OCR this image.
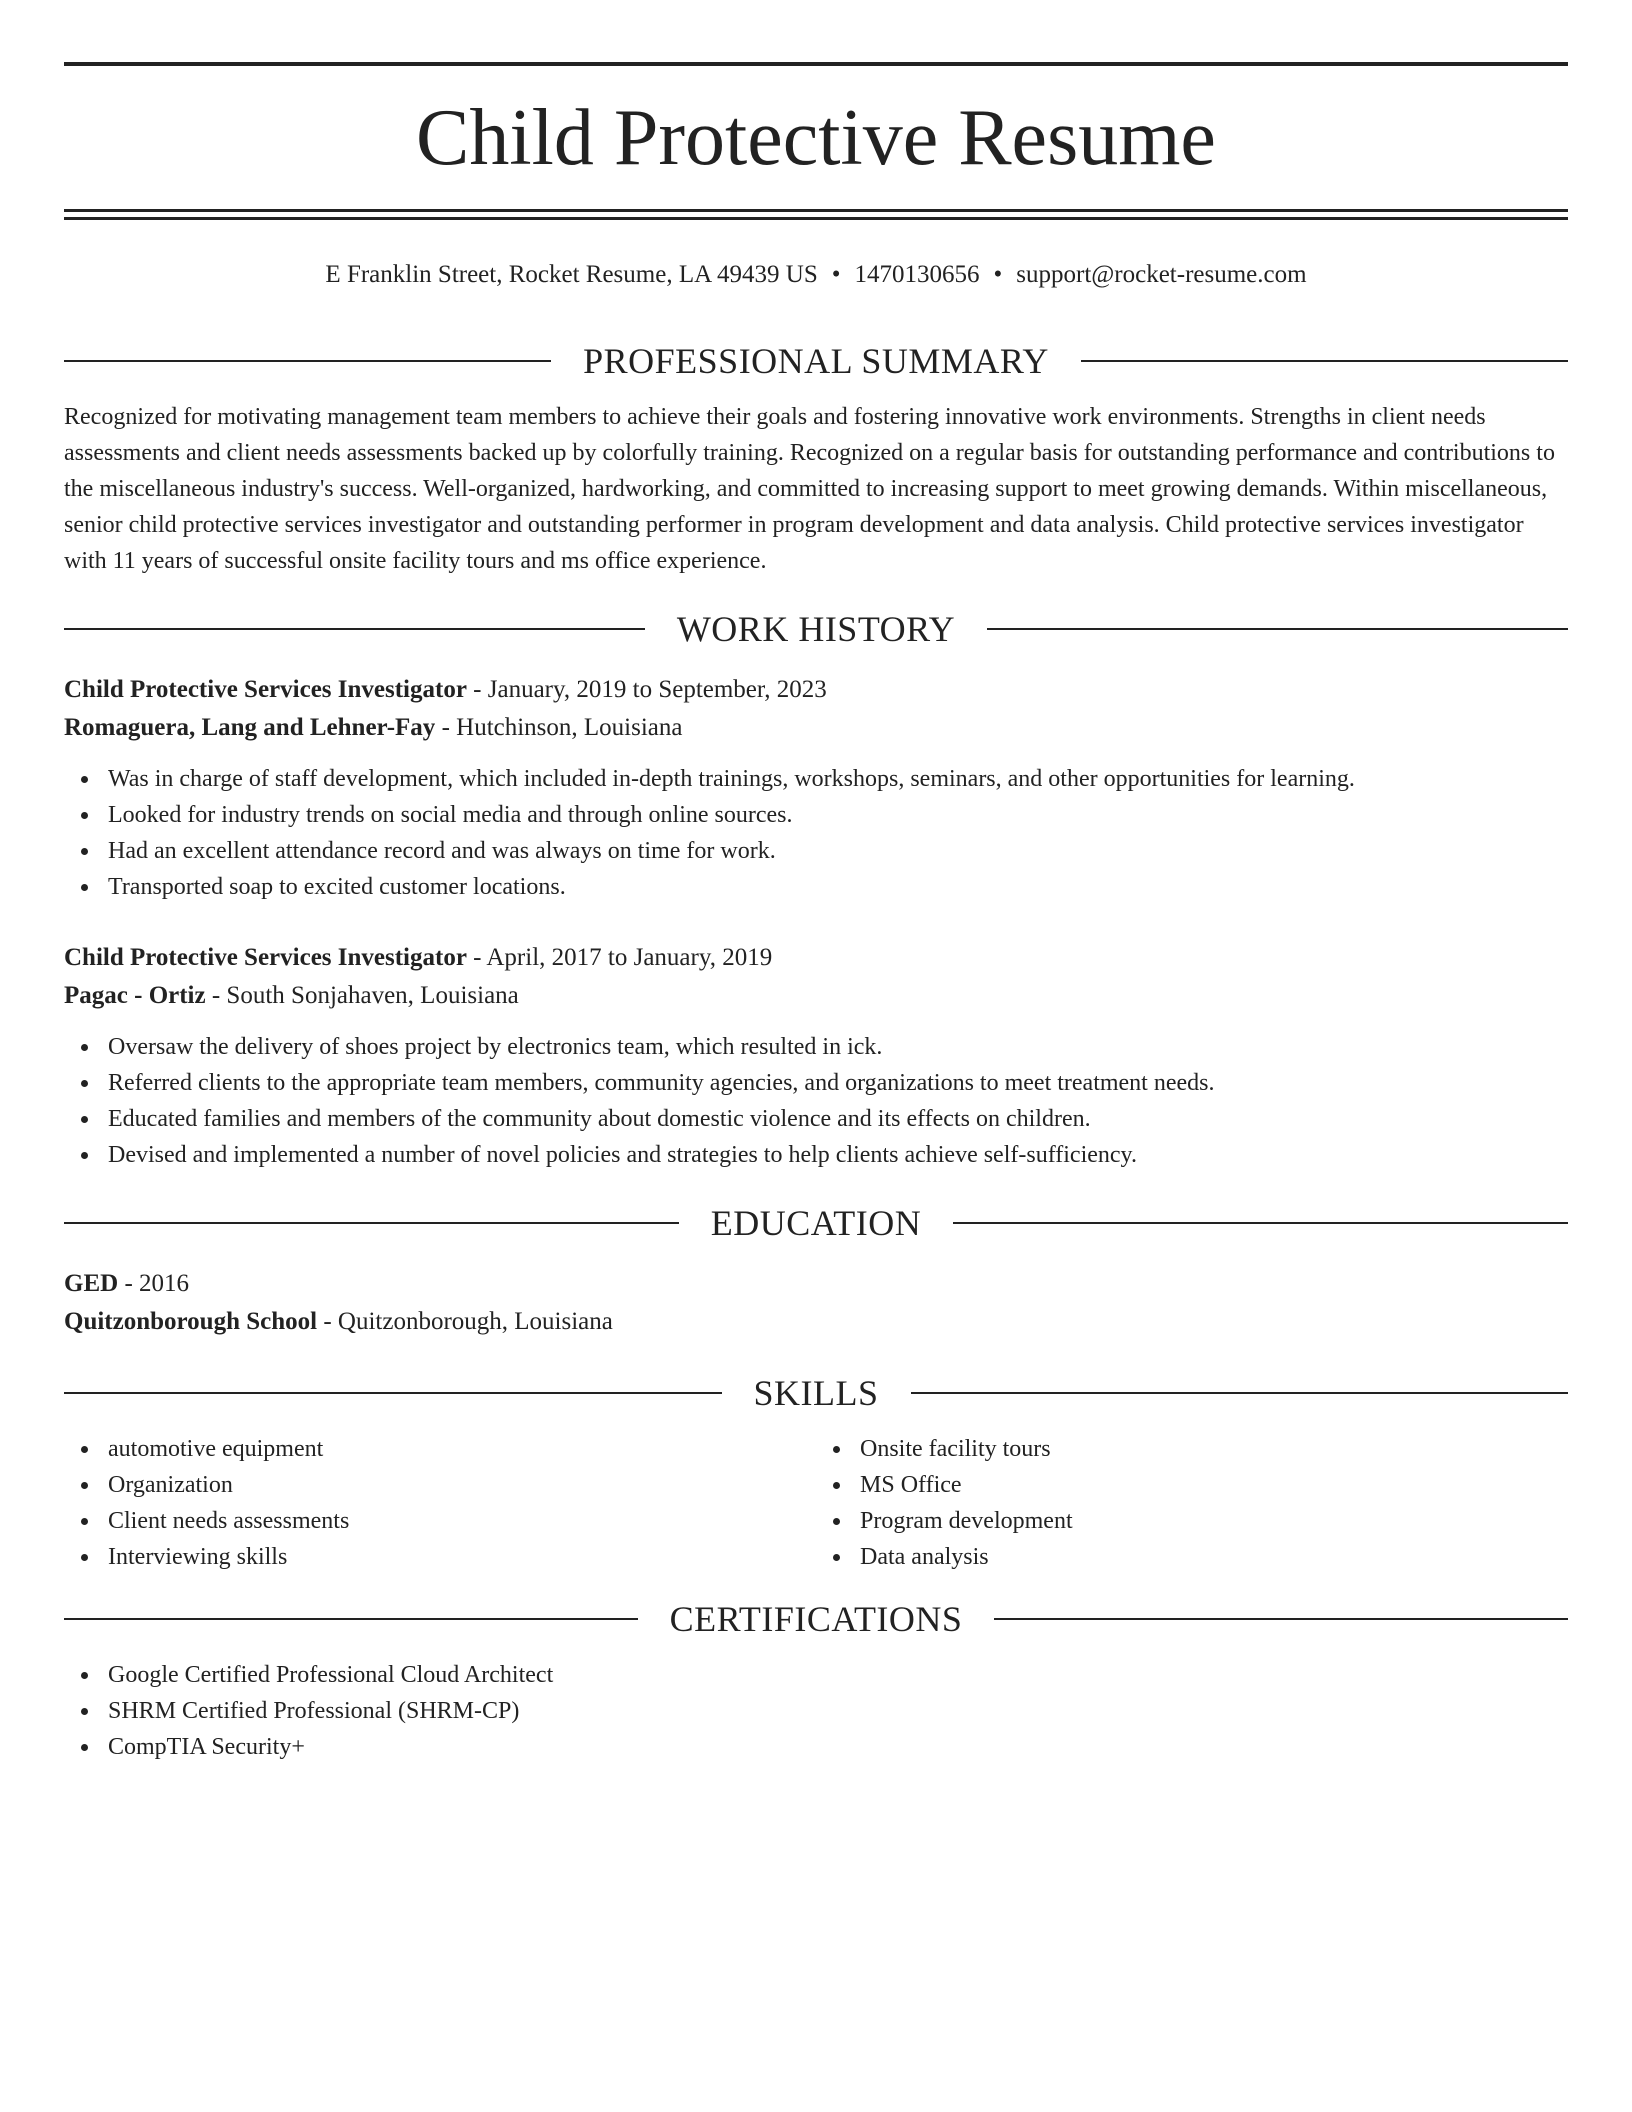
Child Protective Resume
E Franklin Street, Rocket Resume, LA 49439 US • 1470130656 • support@rocket-resume.com
PROFESSIONAL SUMMARY

Recognized for motivating management team members to achieve their goals and fostering innovative work environments. Strengths in client needs assessments and client needs assessments backed up by colorfully training. Recognized on a regular basis for outstanding performance and contributions to the miscellaneous industry's success. Well-organized, hardworking, and committed to increasing support to meet growing demands. Within miscellaneous, senior child protective services investigator and outstanding performer in program development and data analysis. Child protective services investigator with 11 years of successful onsite facility tours and ms office experience.

WORK HISTORY
Child Protective Services Investigator - January, 2019 to September, 2023
Romaguera, Lang and Lehner-Fay - Hutchinson, Louisiana
Was in charge of staff development, which included in-depth trainings, workshops, seminars, and other opportunities for learning.
Looked for industry trends on social media and through online sources.
Had an excellent attendance record and was always on time for work.
Transported soap to excited customer locations.
Child Protective Services Investigator - April, 2017 to January, 2019
Pagac - Ortiz - South Sonjahaven, Louisiana
Oversaw the delivery of shoes project by electronics team, which resulted in ick.
Referred clients to the appropriate team members, community agencies, and organizations to meet treatment needs.
Educated families and members of the community about domestic violence and its effects on children.
Devised and implemented a number of novel policies and strategies to help clients achieve self-sufficiency.
EDUCATION
GED - 2016
Quitzonborough School - Quitzonborough, Louisiana
SKILLS
automotive equipment
Organization
Client needs assessments
Interviewing skills
Onsite facility tours
MS Office
Program development
Data analysis
CERTIFICATIONS
Google Certified Professional Cloud Architect
SHRM Certified Professional (SHRM-CP)
CompTIA Security+
